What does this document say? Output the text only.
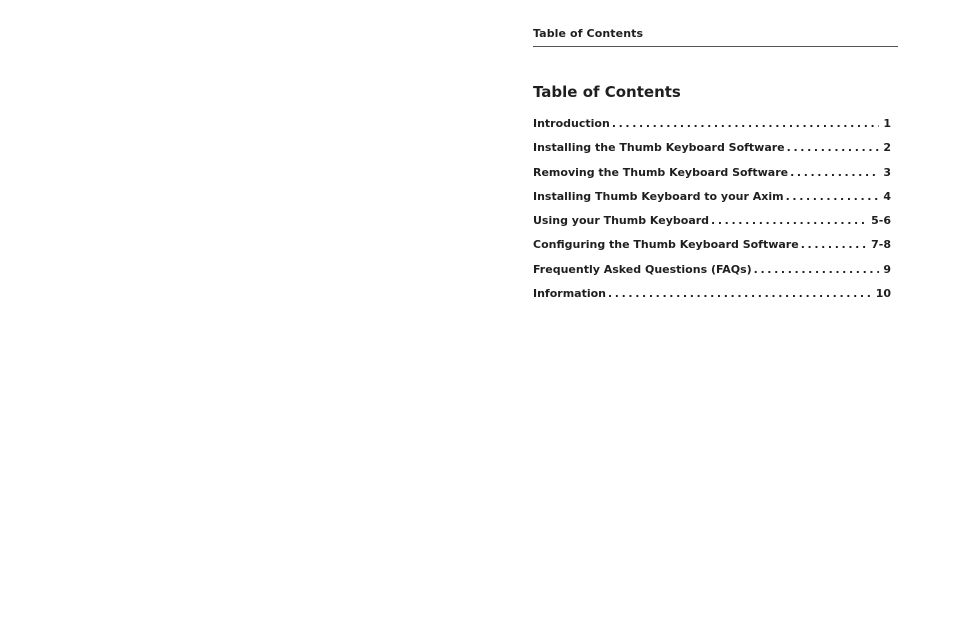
Table of Contents
Table of Contents
Introduction . . .	1
Installing the Thumb Keyboard Software . . .	2
Removing the Thumb Keyboard Software . . .	3
Installing Thumb Keyboard to your Axim . . .	4
Using your Thumb Keyboard . . .	5-6
Configuring the Thumb Keyboard Software . . .	7-8
Frequently Asked Questions (FAQs) . . .	9
Information . . .	10
